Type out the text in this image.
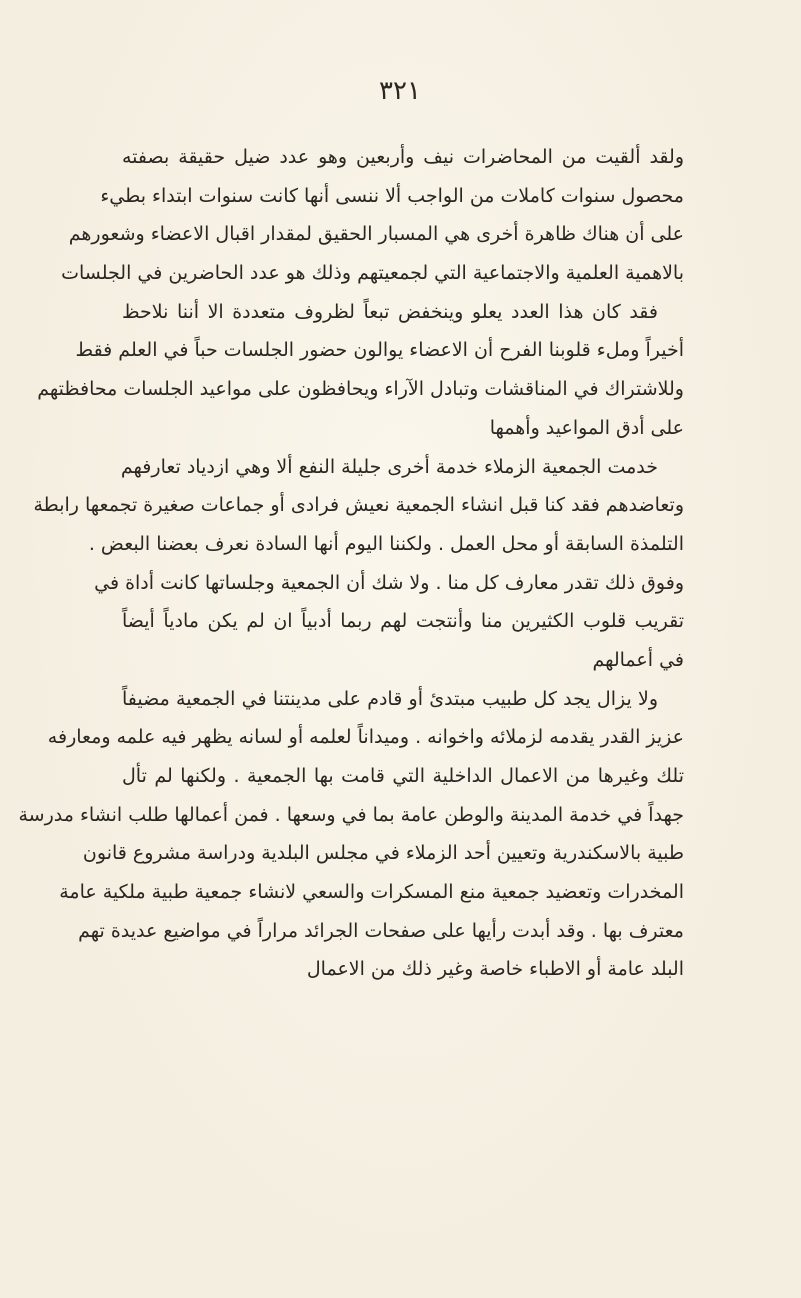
٣٢١
ولقد ألقيت من المحاضرات نيف وأربعين وهو عدد ضيل حقيقة بصفته
محصول سنوات كاملات من الواجب ألا ننسى أنها كانت سنوات ابتداء بطيء
على أن هناك ظاهرة أخرى هي المسبار الحقيق لمقدار اقبال الاعضاء وشعورهم
بالاهمية العلمية والاجتماعية التي لجمعيتهم وذلك هو عدد الحاضرين في الجلسات
فقد كان هذا العدد يعلو وينخفض تبعاً لظروف متعددة الا أننا نلاحظ
أخيراً وملء قلوبنا الفرح أن الاعضاء يوالون حضور الجلسات حباً في العلم فقط
وللاشتراك في المناقشات وتبادل الآراء ويحافظون على مواعيد الجلسات محافظتهم
على أدق المواعيد وأهمها
خدمت الجمعية الزملاء خدمة أخرى جليلة النفع ألا وهي ازدياد تعارفهم
وتعاضدهم فقد كنا قبل انشاء الجمعية نعيش فرادى أو جماعات صغيرة تجمعها رابطة
التلمذة السابقة أو محل العمل . ولكننا اليوم أنها السادة نعرف بعضنا البعض .
وفوق ذلك تقدر معارف كل منا . ولا شك أن الجمعية وجلساتها كانت أداة في
تقريب قلوب الكثيرين منا وأنتجت لهم ربما أدبياً ان لم يكن مادياً أيضاً
في أعمالهم
ولا يزال يجد كل طبيب مبتدئ أو قادم على مدينتنا في الجمعية مضيفاً
عزيز القدر يقدمه لزملائه واخوانه . وميداناً لعلمه أو لسانه يظهر فيه علمه ومعارفه
تلك وغيرها من الاعمال الداخلية التي قامت بها الجمعية . ولكنها لم تأل
جهداً في خدمة المدينة والوطن عامة بما في وسعها . فمن أعمالها طلب انشاء مدرسة
طبية بالاسكندرية وتعيين أحد الزملاء في مجلس البلدية ودراسة مشروع قانون
المخدرات وتعضيد جمعية منع المسكرات والسعي لانشاء جمعية طبية ملكية عامة
معترف بها . وقد أبدت رأيها على صفحات الجرائد مراراً في مواضيع عديدة تهم
البلد عامة أو الاطباء خاصة وغير ذلك من الاعمال
